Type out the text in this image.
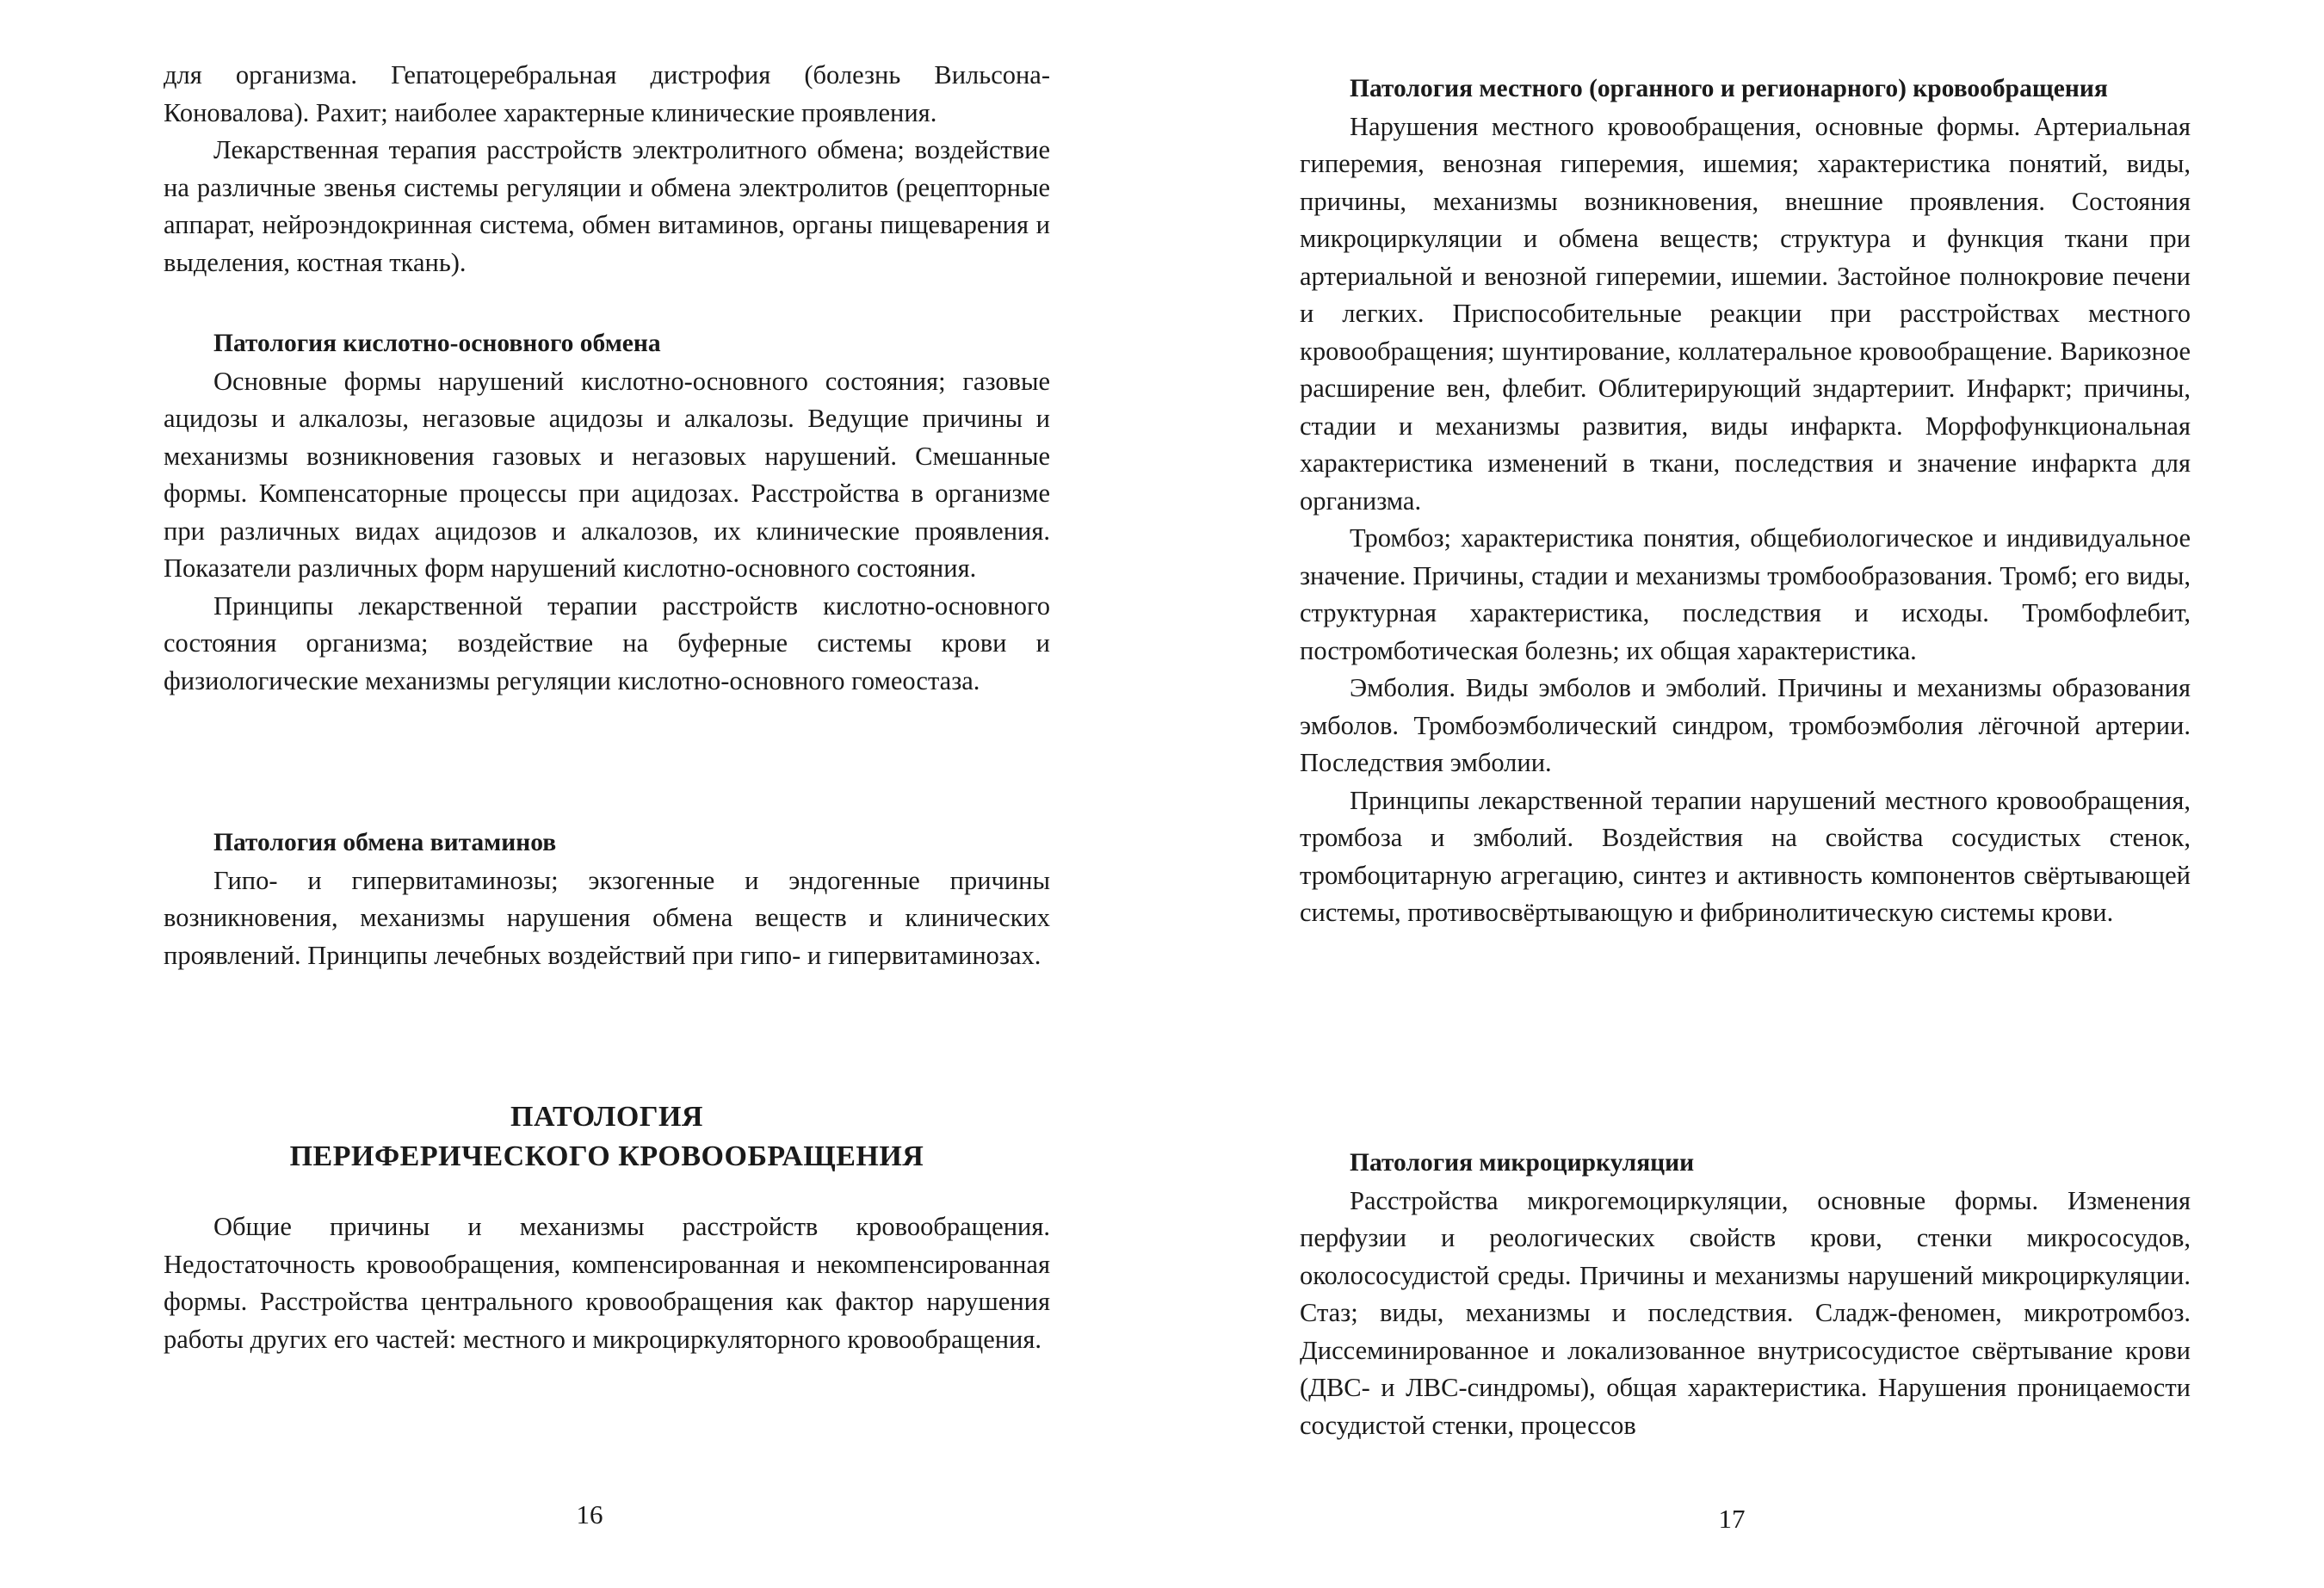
для организма. Гепатоцеребральная дистрофия (болезнь Вильсона-Коновалова). Рахит; наиболее характерные клинические проявления.

Лекарственная терапия расстройств электролитного обмена; воздействие на различные звенья системы регуляции и обмена электролитов (рецепторные аппарат, нейроэндокринная система, обмен витаминов, органы пищеварения и выделения, костная ткань).

Патология кислотно-основного обмена

Основные формы нарушений кислотно-основного состояния; газовые ацидозы и алкалозы, негазовые ацидозы и алкалозы. Ведущие причины и механизмы возникновения газовых и негазовых нарушений. Смешанные формы. Компенсаторные процессы при ацидозах. Расстройства в организме при различных видах ацидозов и алкалозов, их клинические проявления. Показатели различных форм нарушений кислотно-основного состояния.

Принципы лекарственной терапии расстройств кислотно-основного состояния организма; воздействие на буферные системы крови и физиологические механизмы регуляции кислотно-основного гомеостаза.

Патология обмена витаминов

Гипо- и гипервитаминозы; экзогенные и эндогенные причины возникновения, механизмы нарушения обмена веществ и клинических проявлений. Принципы лечебных воздействий при гипо- и гипервитаминозах.

ПАТОЛОГИЯ
ПЕРИФЕРИЧЕСКОГО КРОВООБРАЩЕНИЯ

Общие причины и механизмы расстройств кровообращения. Недостаточность кровообращения, компенсированная и некомпенсированная формы. Расстройства центрального кровообращения как фактор нарушения работы других его частей: местного и микроциркуляторного кровообращения.

16
Патология местного (органного и регионарного) кровообращения

Нарушения местного кровообращения, основные формы. Артериальная гиперемия, венозная гиперемия, ишемия; характеристика понятий, виды, причины, механизмы возникновения, внешние проявления. Состояния микроциркуляции и обмена веществ; структура и функция ткани при артериальной и венозной гиперемии, ишемии. Застойное полнокровие печени и легких. Приспособительные реакции при расстройствах местного кровообращения; шунтирование, коллатеральное кровообращение. Варикозное расширение вен, флебит. Облитерирующий зндартериит. Инфаркт; причины, стадии и механизмы развития, виды инфаркта. Морфофункциональная характеристика изменений в ткани, последствия и значение инфаркта для организма.

Тромбоз; характеристика понятия, общебиологическое и индивидуальное значение. Причины, стадии и механизмы тромбообразования. Тромб; его виды, структурная характеристика, последствия и исходы. Тромбофлебит, постромботическая болезнь; их общая характеристика.

Эмболия. Виды эмболов и эмболий. Причины и механизмы образования эмболов. Тромбоэмболический синдром, тромбоэмболия лёгочной артерии. Последствия эмболии.

Принципы лекарственной терапии нарушений местного кровообращения, тромбоза и змболий. Воздействия на свойства сосудистых стенок, тромбоцитарную агрегацию, синтез и активность компонентов свёртывающей системы, противосвёртывающую и фибринолитическую системы крови.

Патология микроциркуляции

Расстройства микрогемоциркуляции, основные формы. Изменения перфузии и реологических свойств крови, стенки микрососудов, околососудистой среды. Причины и механизмы нарушений микроциркуляции. Стаз; виды, механизмы и последствия. Сладж-феномен, микротромбоз. Диссеминированное и локализованное внутрисосудистое свёртывание крови (ДВС- и ЛВС-синдромы), общая характеристика. Нарушения проницаемости сосудистой стенки, процессов

17
